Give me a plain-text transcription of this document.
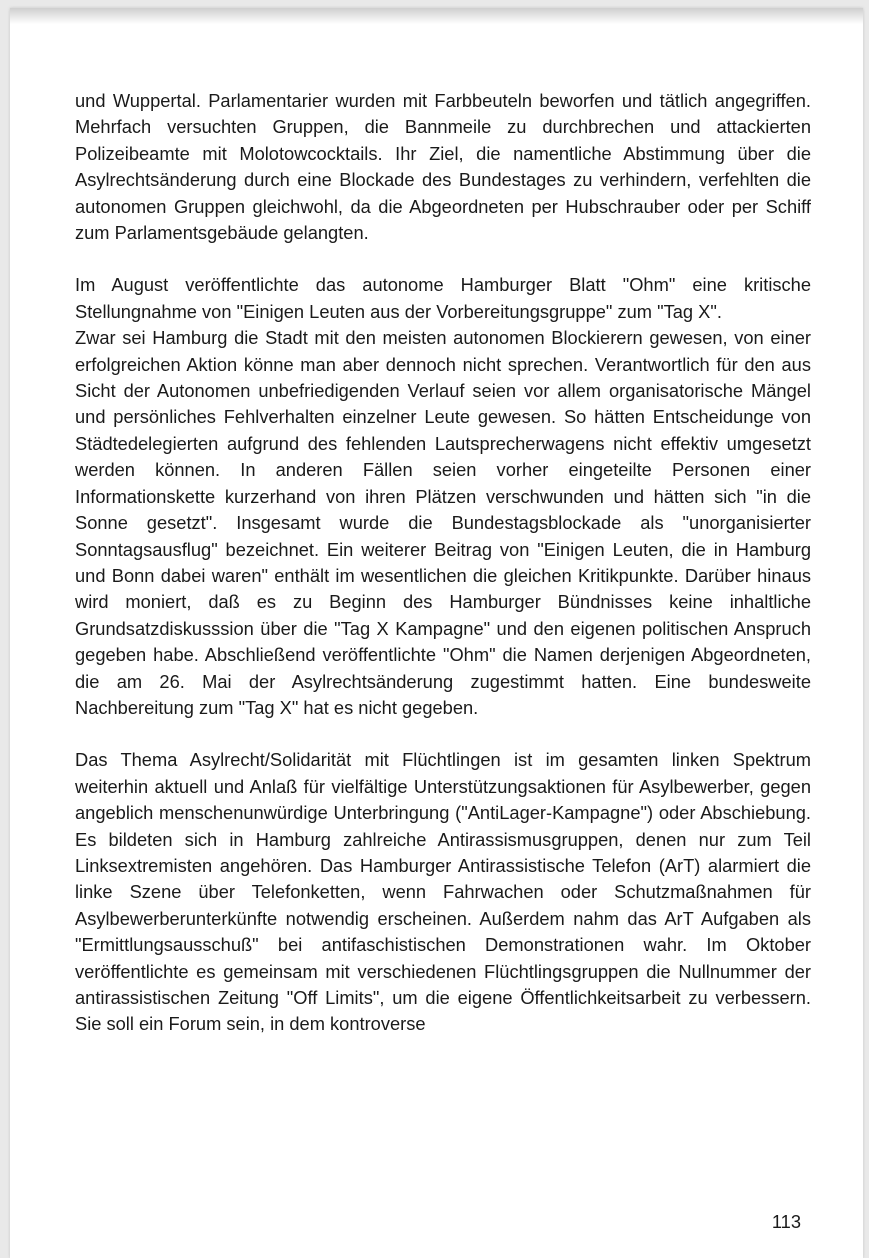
und Wuppertal. Parlamentarier wurden mit Farbbeuteln beworfen und tätlich angegriffen. Mehrfach versuchten Gruppen, die Bannmeile zu durchbrechen und attackierten Polizeibeamte mit Molotowcocktails. Ihr Ziel, die namentliche Abstimmung über die Asylrechtsänderung durch eine Blockade des Bundestages zu verhindern, verfehlten die autonomen Gruppen gleichwohl, da die Abgeordneten per Hubschrauber oder per Schiff zum Parlamentsgebäude gelangten.

Im August veröffentlichte das autonome Hamburger Blatt "Ohm" eine kritische Stellungnahme von "Einigen Leuten aus der Vorbereitungsgruppe" zum "Tag X".

Zwar sei Hamburg die Stadt mit den meisten autonomen Blockierern gewesen, von einer erfolgreichen Aktion könne man aber dennoch nicht sprechen. Verantwortlich für den aus Sicht der Autonomen unbefriedigenden Verlauf seien vor allem organisatorische Mängel und persönliches Fehlverhalten einzelner Leute gewesen. So hätten Entscheidunge von Städtedelegierten aufgrund des fehlenden Lautsprecherwagens nicht effektiv umgesetzt werden können. In anderen Fällen seien vorher eingeteilte Personen einer Informationskette kurzerhand von ihren Plätzen verschwunden und hätten sich "in die Sonne gesetzt". Insgesamt wurde die Bundestagsblockade als "unorganisierter Sonntagsausflug" bezeichnet. Ein weiterer Beitrag von "Einigen Leuten, die in Hamburg und Bonn dabei waren" enthält im wesentlichen die gleichen Kritikpunkte. Darüber hinaus wird moniert, daß es zu Beginn des Hamburger Bündnisses keine inhaltliche Grundsatzdiskusssion über die "Tag X Kampagne" und den eigenen politischen Anspruch gegeben habe. Abschließend veröffentlichte "Ohm" die Namen derjenigen Abgeordneten, die am 26. Mai der Asylrechtsänderung zugestimmt hatten. Eine bundesweite Nachbereitung zum "Tag X" hat es nicht gegeben.

Das Thema Asylrecht/Solidarität mit Flüchtlingen ist im gesamten linken Spektrum weiterhin aktuell und Anlaß für vielfältige Unterstützungsaktionen für Asylbewerber, gegen angeblich menschenunwürdige Unterbringung ("AntiLager-Kampagne") oder Abschiebung. Es bildeten sich in Hamburg zahlreiche Antirassismusgruppen, denen nur zum Teil Linksextremisten angehören. Das Hamburger Antirassistische Telefon (ArT) alarmiert die linke Szene über Telefonketten, wenn Fahrwachen oder Schutzmaßnahmen für Asylbewerberunterkünfte notwendig erscheinen. Außerdem nahm das ArT Aufgaben als "Ermittlungsausschuß" bei antifaschistischen Demonstrationen wahr. Im Oktober veröffentlichte es gemeinsam mit verschiedenen Flüchtlingsgruppen die Nullnummer der antirassistischen Zeitung "Off Limits", um die eigene Öffentlichkeitsarbeit zu verbessern. Sie soll ein Forum sein, in dem kontroverse

113
